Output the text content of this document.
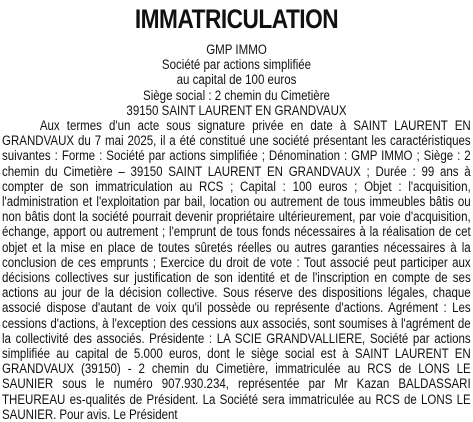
IMMATRICULATION
GMP IMMO
Société par actions simplifiée
au capital de 100 euros
Siège social : 2 chemin du Cimetière
39150 SAINT LAURENT EN GRANDVAUX

Aux termes d'un acte sous signature privée en date à SAINT LAURENT EN GRANDVAUX du 7 mai 2025, il a été constitué une société présentant les caractéristiques suivantes : Forme : Société par actions simplifiée ; Dénomination : GMP IMMO ; Siège : 2 chemin du Cimetière – 39150 SAINT LAURENT EN GRANDVAUX ; Durée : 99 ans à compter de son immatriculation au RCS ; Capital : 100 euros ; Objet : l'acquisition, l'administration et l'exploitation par bail, location ou autrement de tous immeubles bâtis ou non bâtis dont la société pourrait devenir propriétaire ultérieurement, par voie d'acquisition, échange, apport ou autrement ; l'emprunt de tous fonds nécessaires à la réalisation de cet objet et la mise en place de toutes sûretés réelles ou autres garanties nécessaires à la conclusion de ces emprunts ; Exercice du droit de vote : Tout associé peut participer aux décisions collectives sur justification de son identité et de l'inscription en compte de ses actions au jour de la décision collective. Sous réserve des dispositions légales, chaque associé dispose d'autant de voix qu'il possède ou représente d'actions. Agrément : Les cessions d'actions, à l'exception des cessions aux associés, sont soumises à l'agrément de la collectivité des associés. Présidente : LA SCIE GRANDVALLIERE, Société par actions simplifiée au capital de 5.000 euros, dont le siège social est à SAINT LAURENT EN GRANDVAUX (39150) - 2 chemin du Cimetière, immatriculée au RCS de LONS LE SAUNIER sous le numéro 907.930.234, représentée par Mr Kazan BALDASSARI THEUREAU es-qualités de Président. La Société sera immatriculée au RCS de LONS LE SAUNIER. Pour avis. Le Président
